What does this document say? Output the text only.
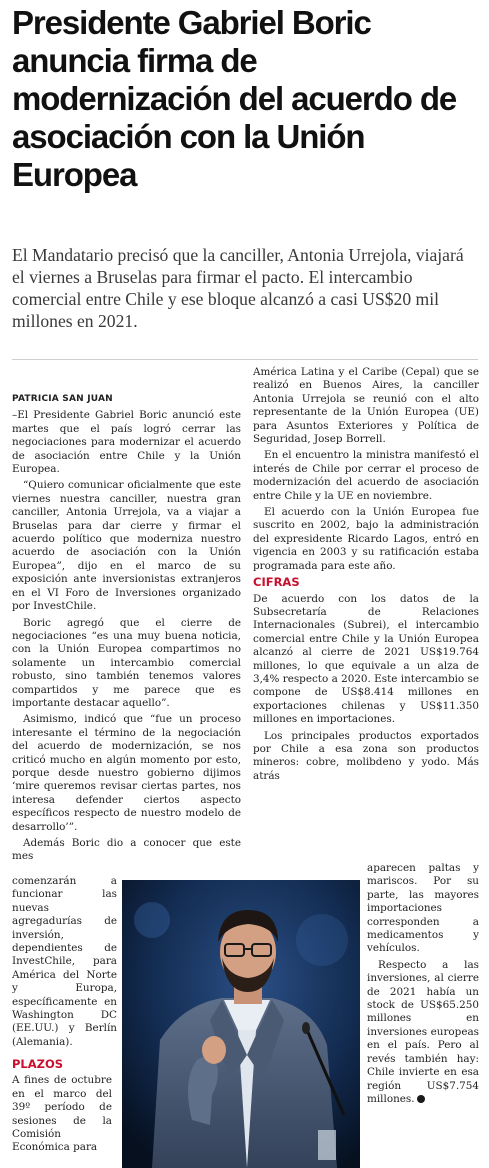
Presidente Gabriel Boric anuncia firma de modernización del acuerdo de asociación con la Unión Europea

El Mandatario precisó que la canciller, Antonia Urrejola, viajará el viernes a Bruselas para firmar el pacto. El intercambio comercial entre Chile y ese bloque alcanzó a casi US$20 mil millones en 2021.

PATRICIA SAN JUAN

–El Presidente Gabriel Boric anunció este martes que el país logró cerrar las negociaciones para modernizar el acuerdo de asociación entre Chile y la Unión Europea.

“Quiero comunicar oficialmente que este viernes nuestra canciller, nuestra gran canciller, Antonia Urrejola, va a viajar a Bruselas para dar cierre y firmar el acuerdo político que moderniza nuestro acuerdo de asociación con la Unión Europea”, dijo en el marco de su exposición ante inversionistas extranjeros en el VI Foro de Inversiones organizado por InvestChile.

Boric agregó que el cierre de negociaciones “es una muy buena noticia, con la Unión Europea compartimos no solamente un intercambio comercial robusto, sino también tenemos valores compartidos y me parece que es importante destacar aquello”.

Asimismo, indicó que “fue un proceso interesante el término de la negociación del acuerdo de modernización, se nos criticó mucho en algún momento por esto, porque desde nuestro gobierno dijimos ‘mire queremos revisar ciertas partes, nos interesa defender ciertos aspecto específicos respecto de nuestro modelo de desarrollo’”.

Además Boric dio a conocer que este mes

comenzarán a funcionar las nuevas agregadurías de inversión, dependientes de InvestChile, para América del Norte y Europa, específicamente en Washington DC (EE.UU.) y Berlín (Alemania).

PLAZOS

A fines de octubre en el marco del 39º período de sesiones de la Comisión Económica para

América Latina y el Caribe (Cepal) que se realizó en Buenos Aires, la canciller Antonia Urrejola se reunió con el alto representante de la Unión Europea (UE) para Asuntos Exteriores y Política de Seguridad, Josep Borrell.

En el encuentro la ministra manifestó el interés de Chile por cerrar el proceso de modernización del acuerdo de asociación entre Chile y la UE en noviembre.

El acuerdo con la Unión Europea fue suscrito en 2002, bajo la administración del expresidente Ricardo Lagos, entró en vigencia en 2003 y su ratificación estaba programada para este año.

CIFRAS

De acuerdo con los datos de la Subsecretaría de Relaciones Internacionales (Subrei), el intercambio comercial entre Chile y la Unión Europea alcanzó al cierre de 2021 US$19.764 millones, lo que equivale a un alza de 3,4% respecto a 2020. Este intercambio se compone de US$8.414 millones en exportaciones chilenas y US$11.350 millones en importaciones.

Los principales productos exportados por Chile a esa zona son productos mineros: cobre, molibdeno y yodo. Más atrás

aparecen paltas y mariscos. Por su parte, las mayores importaciones corresponden a medicamentos y vehículos.

Respecto a las inversiones, al cierre de 2021 había un stock de US$65.250 millones en inversiones europeas en el país. Pero al revés también hay: Chile invierte en esa región US$7.754 millones.
